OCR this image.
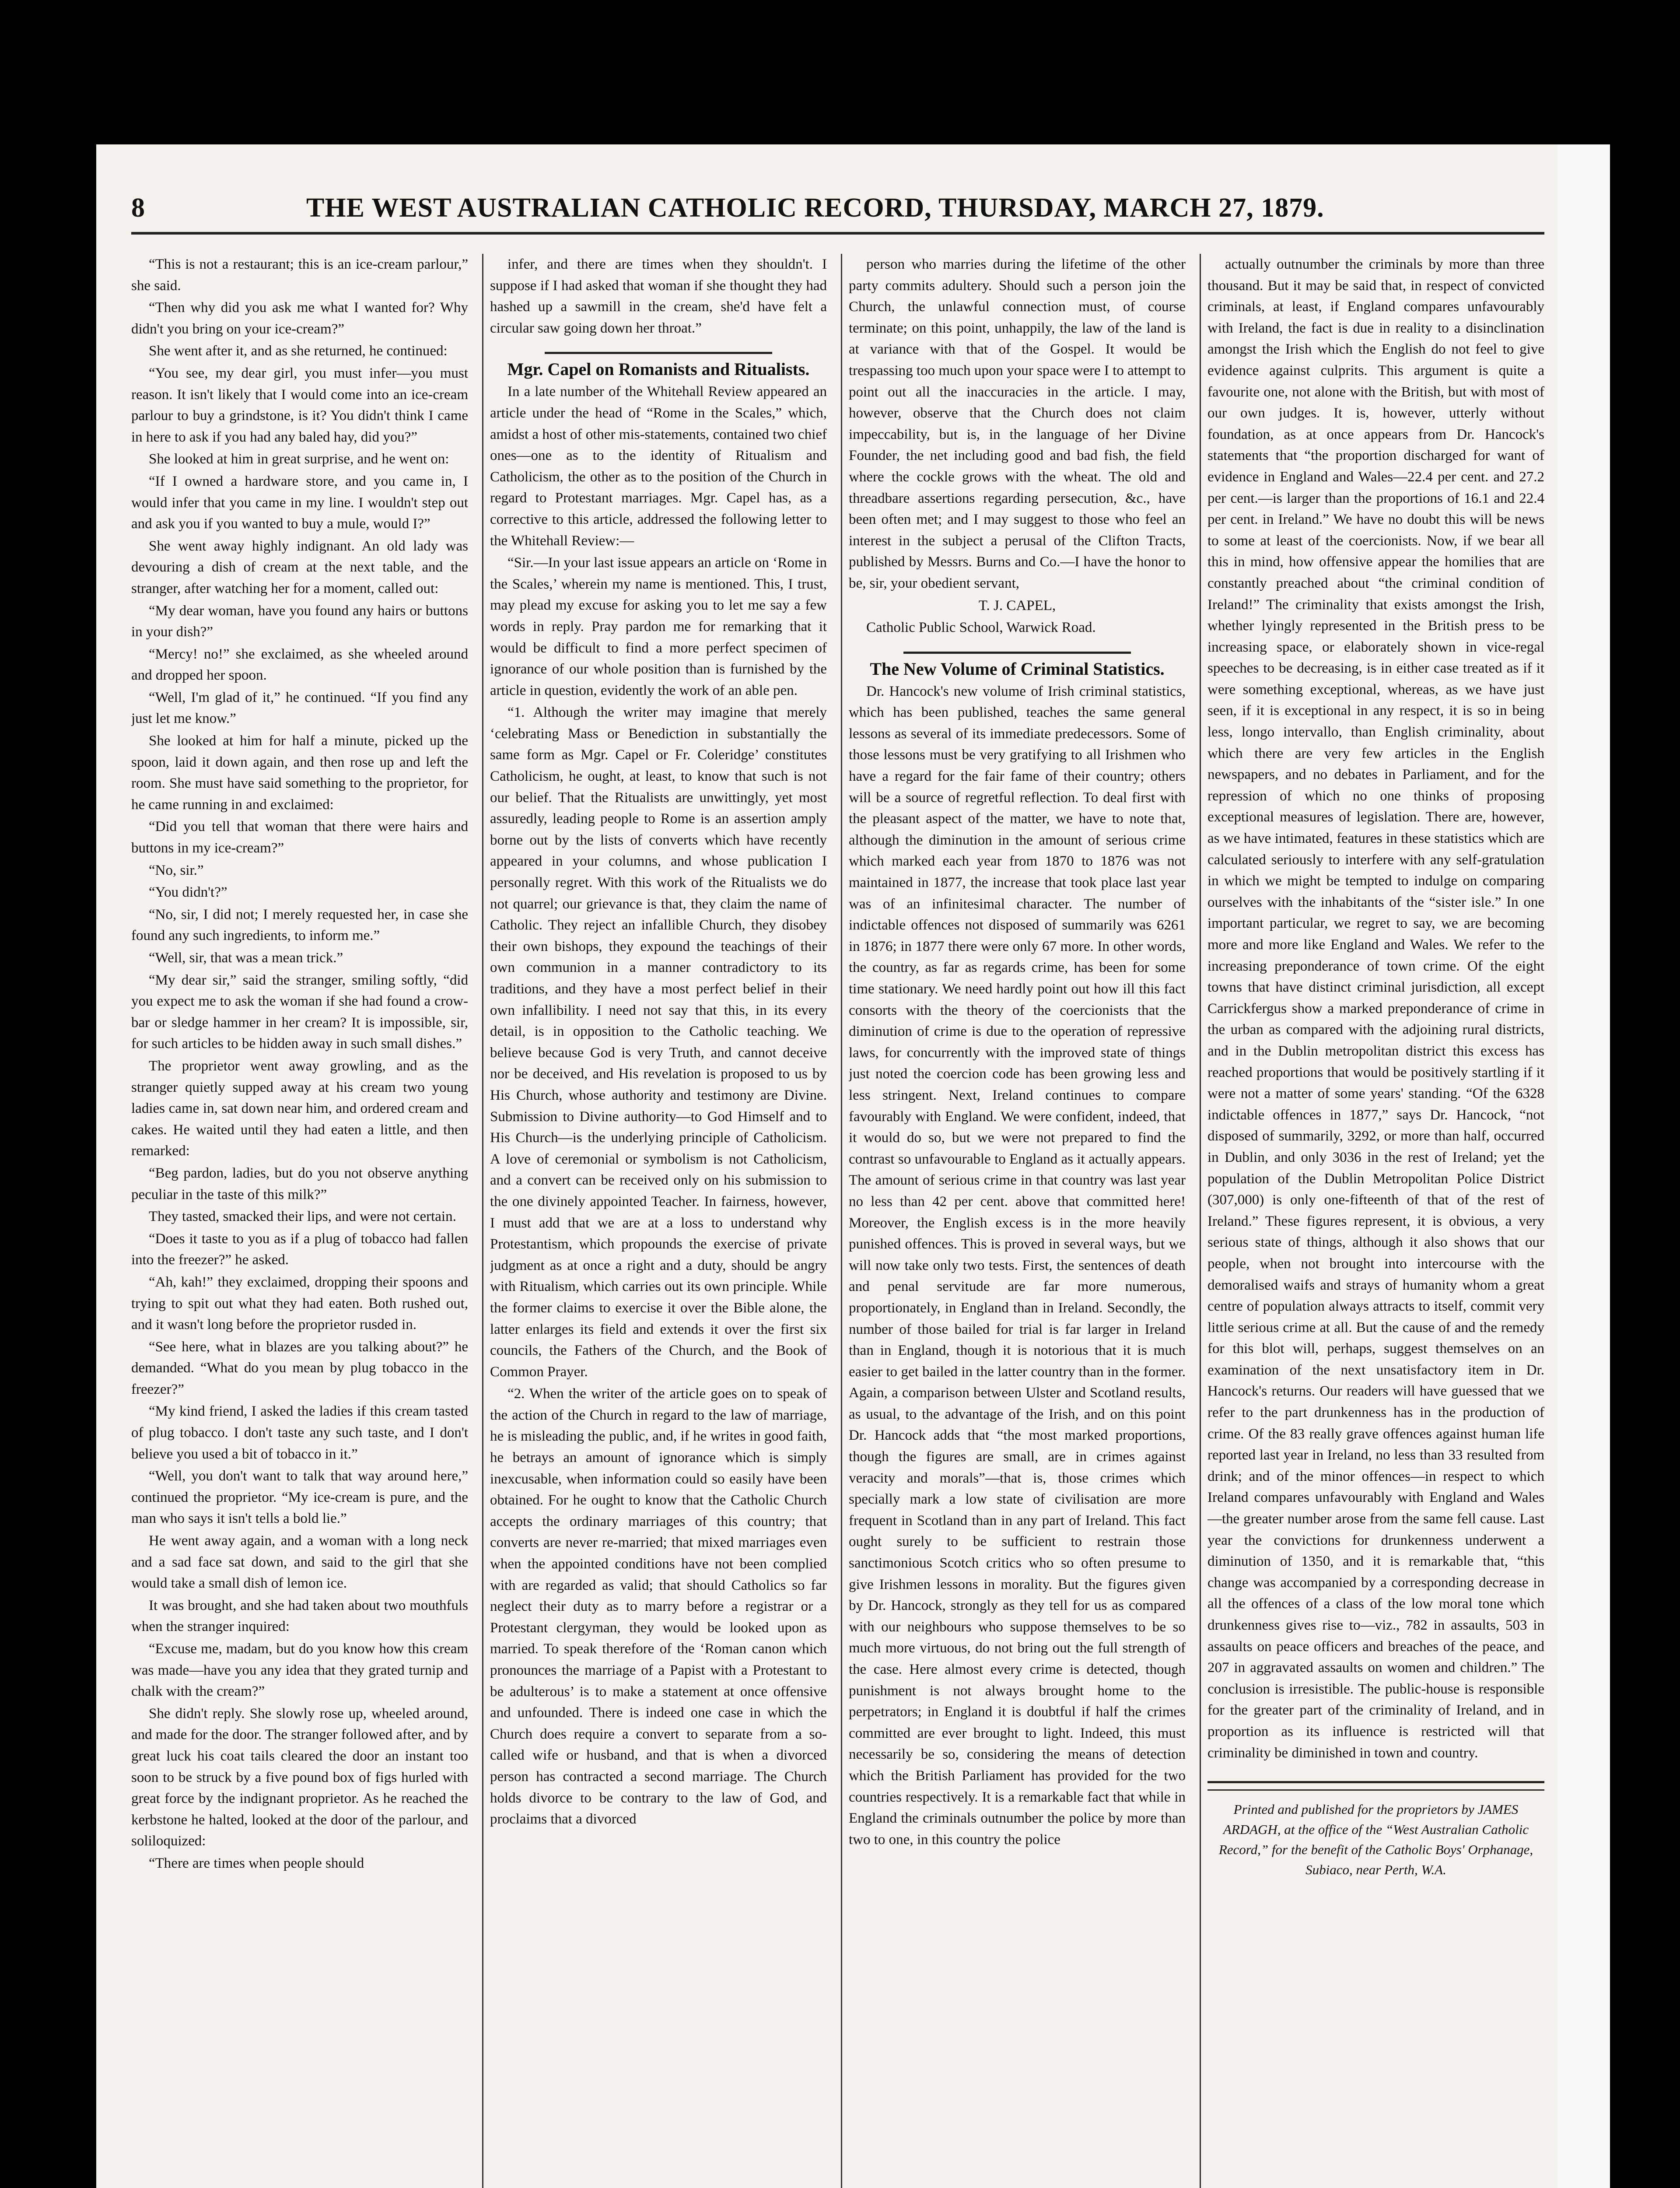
8	THE WEST AUSTRALIAN CATHOLIC RECORD, THURSDAY, MARCH 27, 1879.

“This is not a restaurant; this is an ice-cream parlour,” she said.

“Then why did you ask me what I wanted for? Why didn't you bring on your ice-cream?”

She went after it, and as she returned, he continued:

“You see, my dear girl, you must infer—you must reason. It isn't likely that I would come into an ice-cream parlour to buy a grindstone, is it? You didn't think I came in here to ask if you had any baled hay, did you?”

She looked at him in great surprise, and he went on:

“If I owned a hardware store, and you came in, I would infer that you came in my line. I wouldn't step out and ask you if you wanted to buy a mule, would I?”

She went away highly indignant. An old lady was devouring a dish of cream at the next table, and the stranger, after watching her for a moment, called out:

“My dear woman, have you found any hairs or buttons in your dish?”

“Mercy! no!” she exclaimed, as she wheeled around and dropped her spoon.

“Well, I'm glad of it,” he continued. “If you find any just let me know.”

She looked at him for half a minute, picked up the spoon, laid it down again, and then rose up and left the room. She must have said something to the proprietor, for he came running in and exclaimed:

“Did you tell that woman that there were hairs and buttons in my ice-cream?”

“No, sir.”

“You didn't?”

“No, sir, I did not; I merely requested her, in case she found any such ingredients, to inform me.”

“Well, sir, that was a mean trick.”

“My dear sir,” said the stranger, smiling softly, “did you expect me to ask the woman if she had found a crow-bar or sledge hammer in her cream? It is impossible, sir, for such articles to be hidden away in such small dishes.”

The proprietor went away growling, and as the stranger quietly supped away at his cream two young ladies came in, sat down near him, and ordered cream and cakes. He waited until they had eaten a little, and then remarked:

“Beg pardon, ladies, but do you not observe anything peculiar in the taste of this milk?”

They tasted, smacked their lips, and were not certain.

“Does it taste to you as if a plug of tobacco had fallen into the freezer?” he asked.

“Ah, kah!” they exclaimed, dropping their spoons and trying to spit out what they had eaten. Both rushed out, and it wasn't long before the proprietor rusded in.

“See here, what in blazes are you talking about?” he demanded. “What do you mean by plug tobacco in the freezer?”

“My kind friend, I asked the ladies if this cream tasted of plug tobacco. I don't taste any such taste, and I don't believe you used a bit of tobacco in it.”

“Well, you don't want to talk that way around here,” continued the proprietor. “My ice-cream is pure, and the man who says it isn't tells a bold lie.”

He went away again, and a woman with a long neck and a sad face sat down, and said to the girl that she would take a small dish of lemon ice.

It was brought, and she had taken about two mouthfuls when the stranger inquired:

“Excuse me, madam, but do you know how this cream was made—have you any idea that they grated turnip and chalk with the cream?”

She didn't reply. She slowly rose up, wheeled around, and made for the door. The stranger followed after, and by great luck his coat tails cleared the door an instant too soon to be struck by a five pound box of figs hurled with great force by the indignant proprietor. As he reached the kerbstone he halted, looked at the door of the parlour, and soliloquized:

“There are times when people should

infer, and there are times when they shouldn't. I suppose if I had asked that woman if she thought they had hashed up a sawmill in the cream, she'd have felt a circular saw going down her throat.”

Mgr. Capel on Romanists and Ritualists.

In a late number of the Whitehall Review appeared an article under the head of “Rome in the Scales,” which, amidst a host of other mis-statements, contained two chief ones—one as to the identity of Ritualism and Catholicism, the other as to the position of the Church in regard to Protestant marriages. Mgr. Capel has, as a corrective to this article, addressed the following letter to the Whitehall Review:—

“Sir.—In your last issue appears an article on ‘Rome in the Scales,’ wherein my name is mentioned. This, I trust, may plead my excuse for asking you to let me say a few words in reply. Pray pardon me for remarking that it would be difficult to find a more perfect specimen of ignorance of our whole position than is furnished by the article in question, evidently the work of an able pen.

“1. Although the writer may imagine that merely ‘celebrating Mass or Benediction in substantially the same form as Mgr. Capel or Fr. Coleridge’ constitutes Catholicism, he ought, at least, to know that such is not our belief. That the Ritualists are unwittingly, yet most assuredly, leading people to Rome is an assertion amply borne out by the lists of converts which have recently appeared in your columns, and whose publication I personally regret. With this work of the Ritualists we do not quarrel; our grievance is that, they claim the name of Catholic. They reject an infallible Church, they disobey their own bishops, they expound the teachings of their own communion in a manner contradictory to its traditions, and they have a most perfect belief in their own infallibility. I need not say that this, in its every detail, is in opposition to the Catholic teaching. We believe because God is very Truth, and cannot deceive nor be deceived, and His revelation is proposed to us by His Church, whose authority and testimony are Divine. Submission to Divine authority—to God Himself and to His Church—is the underlying principle of Catholicism. A love of ceremonial or symbolism is not Catholicism, and a convert can be received only on his submission to the one divinely appointed Teacher. In fairness, however, I must add that we are at a loss to understand why Protestantism, which propounds the exercise of private judgment as at once a right and a duty, should be angry with Ritualism, which carries out its own principle. While the former claims to exercise it over the Bible alone, the latter enlarges its field and extends it over the first six councils, the Fathers of the Church, and the Book of Common Prayer.

“2. When the writer of the article goes on to speak of the action of the Church in regard to the law of marriage, he is misleading the public, and, if he writes in good faith, he betrays an amount of ignorance which is simply inexcusable, when information could so easily have been obtained. For he ought to know that the Catholic Church accepts the ordinary marriages of this country; that converts are never re-married; that mixed marriages even when the appointed conditions have not been complied with are regarded as valid; that should Catholics so far neglect their duty as to marry before a registrar or a Protestant clergyman, they would be looked upon as married. To speak therefore of the ‘Roman canon which pronounces the marriage of a Papist with a Protestant to be adulterous’ is to make a statement at once offensive and unfounded. There is indeed one case in which the Church does require a convert to separate from a so-called wife or husband, and that is when a divorced person has contracted a second marriage. The Church holds divorce to be contrary to the law of God, and proclaims that a divorced

person who marries during the lifetime of the other party commits adultery. Should such a person join the Church, the unlawful connection must, of course terminate; on this point, unhappily, the law of the land is at variance with that of the Gospel. It would be trespassing too much upon your space were I to attempt to point out all the inaccuracies in the article. I may, however, observe that the Church does not claim impeccability, but is, in the language of her Divine Founder, the net including good and bad fish, the field where the cockle grows with the wheat. The old and threadbare assertions regarding persecution, &c., have been often met; and I may suggest to those who feel an interest in the subject a perusal of the Clifton Tracts, published by Messrs. Burns and Co.—I have the honor to be, sir, your obedient servant,

T. J. CAPEL,

Catholic Public School, Warwick Road.

The New Volume of Criminal Statistics.

Dr. Hancock's new volume of Irish criminal statistics, which has been published, teaches the same general lessons as several of its immediate predecessors. Some of those lessons must be very gratifying to all Irishmen who have a regard for the fair fame of their country; others will be a source of regretful reflection. To deal first with the pleasant aspect of the matter, we have to note that, although the diminution in the amount of serious crime which marked each year from 1870 to 1876 was not maintained in 1877, the increase that took place last year was of an infinitesimal character. The number of indictable offences not disposed of summarily was 6261 in 1876; in 1877 there were only 67 more. In other words, the country, as far as regards crime, has been for some time stationary. We need hardly point out how ill this fact consorts with the theory of the coercionists that the diminution of crime is due to the operation of repressive laws, for concurrently with the improved state of things just noted the coercion code has been growing less and less stringent. Next, Ireland continues to compare favourably with England. We were confident, indeed, that it would do so, but we were not prepared to find the contrast so unfavourable to England as it actually appears. The amount of serious crime in that country was last year no less than 42 per cent. above that committed here! Moreover, the English excess is in the more heavily punished offences. This is proved in several ways, but we will now take only two tests. First, the sentences of death and penal servitude are far more numerous, proportionately, in England than in Ireland. Secondly, the number of those bailed for trial is far larger in Ireland than in England, though it is notorious that it is much easier to get bailed in the latter country than in the former. Again, a comparison between Ulster and Scotland results, as usual, to the advantage of the Irish, and on this point Dr. Hancock adds that “the most marked proportions, though the figures are small, are in crimes against veracity and morals”—that is, those crimes which specially mark a low state of civilisation are more frequent in Scotland than in any part of Ireland. This fact ought surely to be sufficient to restrain those sanctimonious Scotch critics who so often presume to give Irishmen lessons in morality. But the figures given by Dr. Hancock, strongly as they tell for us as compared with our neighbours who suppose themselves to be so much more virtuous, do not bring out the full strength of the case. Here almost every crime is detected, though punishment is not always brought home to the perpetrators; in England it is doubtful if half the crimes committed are ever brought to light. Indeed, this must necessarily be so, considering the means of detection which the British Parliament has provided for the two countries respectively. It is a remarkable fact that while in England the criminals outnumber the police by more than two to one, in this country the police

actually outnumber the criminals by more than three thousand. But it may be said that, in respect of convicted criminals, at least, if England compares unfavourably with Ireland, the fact is due in reality to a disinclination amongst the Irish which the English do not feel to give evidence against culprits. This argument is quite a favourite one, not alone with the British, but with most of our own judges. It is, however, utterly without foundation, as at once appears from Dr. Hancock's statements that “the proportion discharged for want of evidence in England and Wales—22.4 per cent. and 27.2 per cent.—is larger than the proportions of 16.1 and 22.4 per cent. in Ireland.” We have no doubt this will be news to some at least of the coercionists. Now, if we bear all this in mind, how offensive appear the homilies that are constantly preached about “the criminal condition of Ireland!” The criminality that exists amongst the Irish, whether lyingly represented in the British press to be increasing space, or elaborately shown in vice-regal speeches to be decreasing, is in either case treated as if it were something exceptional, whereas, as we have just seen, if it is exceptional in any respect, it is so in being less, longo intervallo, than English criminality, about which there are very few articles in the English newspapers, and no debates in Parliament, and for the repression of which no one thinks of proposing exceptional measures of legislation. There are, however, as we have intimated, features in these statistics which are calculated seriously to interfere with any self-gratulation in which we might be tempted to indulge on comparing ourselves with the inhabitants of the “sister isle.” In one important particular, we regret to say, we are becoming more and more like England and Wales. We refer to the increasing preponderance of town crime. Of the eight towns that have distinct criminal jurisdiction, all except Carrickfergus show a marked preponderance of crime in the urban as compared with the adjoining rural districts, and in the Dublin metropolitan district this excess has reached proportions that would be positively startling if it were not a matter of some years' standing. “Of the 6328 indictable offences in 1877,” says Dr. Hancock, “not disposed of summarily, 3292, or more than half, occurred in Dublin, and only 3036 in the rest of Ireland; yet the population of the Dublin Metropolitan Police District (307,000) is only one-fifteenth of that of the rest of Ireland.” These figures represent, it is obvious, a very serious state of things, although it also shows that our people, when not brought into intercourse with the demoralised waifs and strays of humanity whom a great centre of population always attracts to itself, commit very little serious crime at all. But the cause of and the remedy for this blot will, perhaps, suggest themselves on an examination of the next unsatisfactory item in Dr. Hancock's returns. Our readers will have guessed that we refer to the part drunkenness has in the production of crime. Of the 83 really grave offences against human life reported last year in Ireland, no less than 33 resulted from drink; and of the minor offences—in respect to which Ireland compares unfavourably with England and Wales—the greater number arose from the same fell cause. Last year the convictions for drunkenness underwent a diminution of 1350, and it is remarkable that, “this change was accompanied by a corresponding decrease in all the offences of a class of the low moral tone which drunkenness gives rise to—viz., 782 in assaults, 503 in assaults on peace officers and breaches of the peace, and 207 in aggravated assaults on women and children.” The conclusion is irresistible. The public-house is responsible for the greater part of the criminality of Ireland, and in proportion as its influence is restricted will that criminality be diminished in town and country.

Printed and published for the proprietors by JAMES ARDAGH, at the office of the “West Australian Catholic Record,” for the benefit of the Catholic Boys' Orphanage, Subiaco, near Perth, W.A.
